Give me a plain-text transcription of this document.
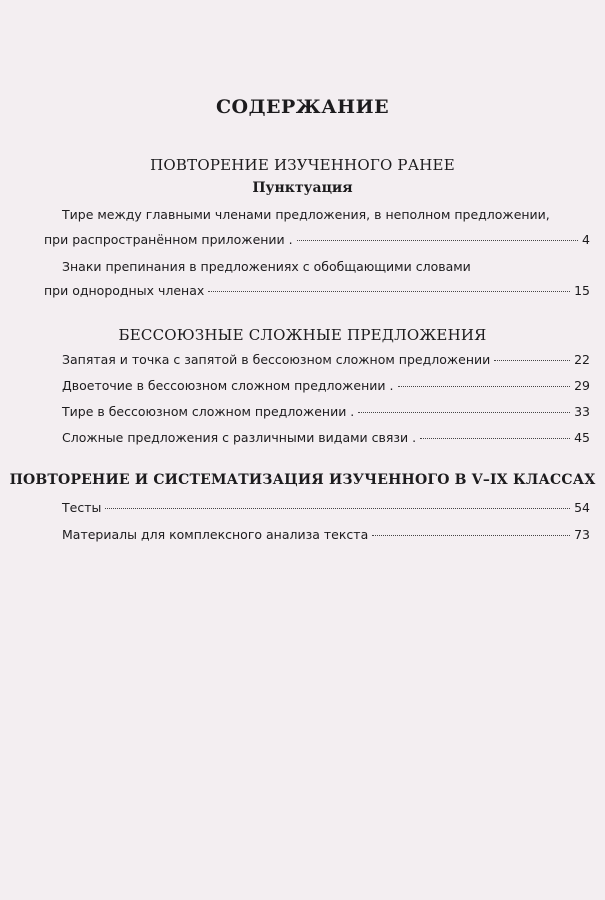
СОДЕРЖАНИЕ
ПОВТОРЕНИЕ ИЗУЧЕННОГО РАНЕЕ
Пунктуация
Тире между главными членами предложения, в неполном предложении,
при распространённом приложении .	4
Знаки препинания в предложениях с обобщающими словами
при однородных членах	15
БЕССОЮЗНЫЕ СЛОЖНЫЕ ПРЕДЛОЖЕНИЯ
Запятая и точка с запятой в бессоюзном сложном предложении	22
Двоеточие в бессоюзном сложном предложении .	29
Тире в бессоюзном сложном предложении .	33
Сложные предложения с различными видами связи .	45
ПОВТОРЕНИЕ И СИСТЕМАТИЗАЦИЯ ИЗУЧЕННОГО В V–IX КЛАССАХ
Тесты	54
Материалы для комплексного анализа текста	73
